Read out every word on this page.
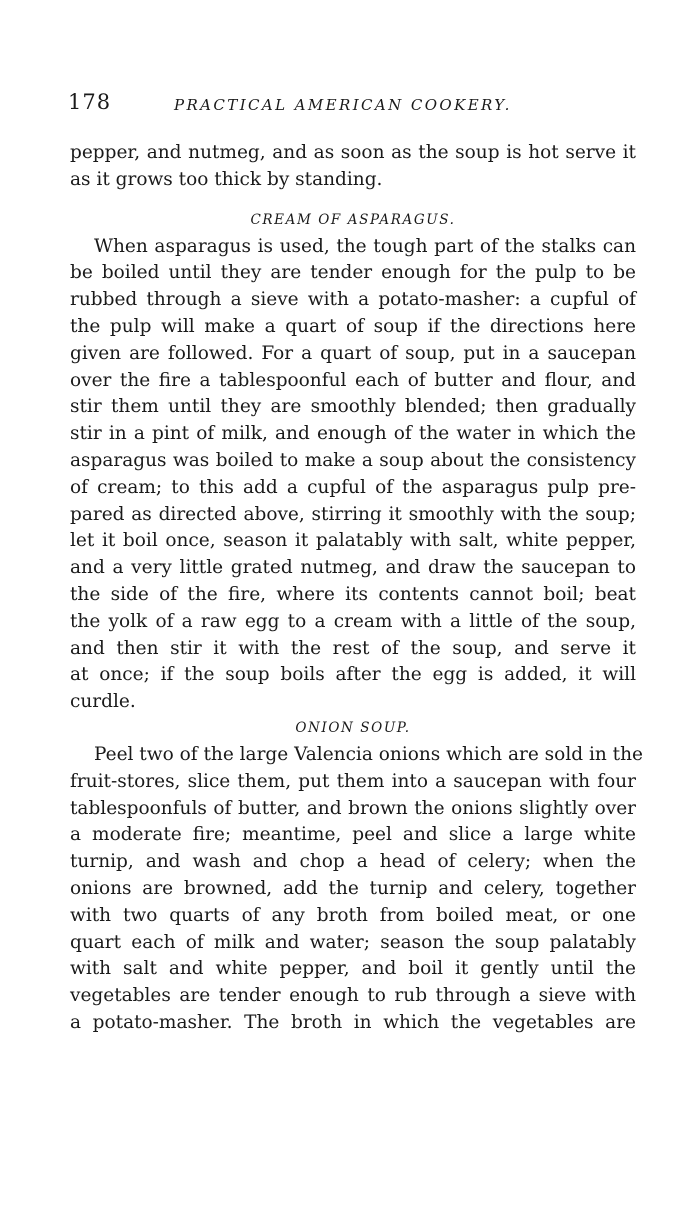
178	PRACTICAL AMERICAN COOKERY.
pepper, and nutmeg, and as soon as the soup is hot serve it
as it grows too thick by standing.
CREAM OF ASPARAGUS.
When asparagus is used, the tough part of the stalks can
be boiled until they are tender enough for the pulp to be
rubbed through a sieve with a potato-masher: a cupful of
the pulp will make a quart of soup if the directions here
given are followed. For a quart of soup, put in a saucepan
over the fire a tablespoonful each of butter and flour, and
stir them until they are smoothly blended; then gradually
stir in a pint of milk, and enough of the water in which the
asparagus was boiled to make a soup about the consistency
of cream; to this add a cupful of the asparagus pulp pre-
pared as directed above, stirring it smoothly with the soup;
let it boil once, season it palatably with salt, white pepper,
and a very little grated nutmeg, and draw the saucepan to
the side of the fire, where its contents cannot boil; beat
the yolk of a raw egg to a cream with a little of the soup,
and then stir it with the rest of the soup, and serve it
at once; if the soup boils after the egg is added, it will
curdle.
ONION SOUP.
Peel two of the large Valencia onions which are sold in the
fruit-stores, slice them, put them into a saucepan with four
tablespoonfuls of butter, and brown the onions slightly over
a moderate fire; meantime, peel and slice a large white
turnip, and wash and chop a head of celery; when the
onions are browned, add the turnip and celery, together
with two quarts of any broth from boiled meat, or one
quart each of milk and water; season the soup palatably
with salt and white pepper, and boil it gently until the
vegetables are tender enough to rub through a sieve with
a potato-masher. The broth in which the vegetables are
